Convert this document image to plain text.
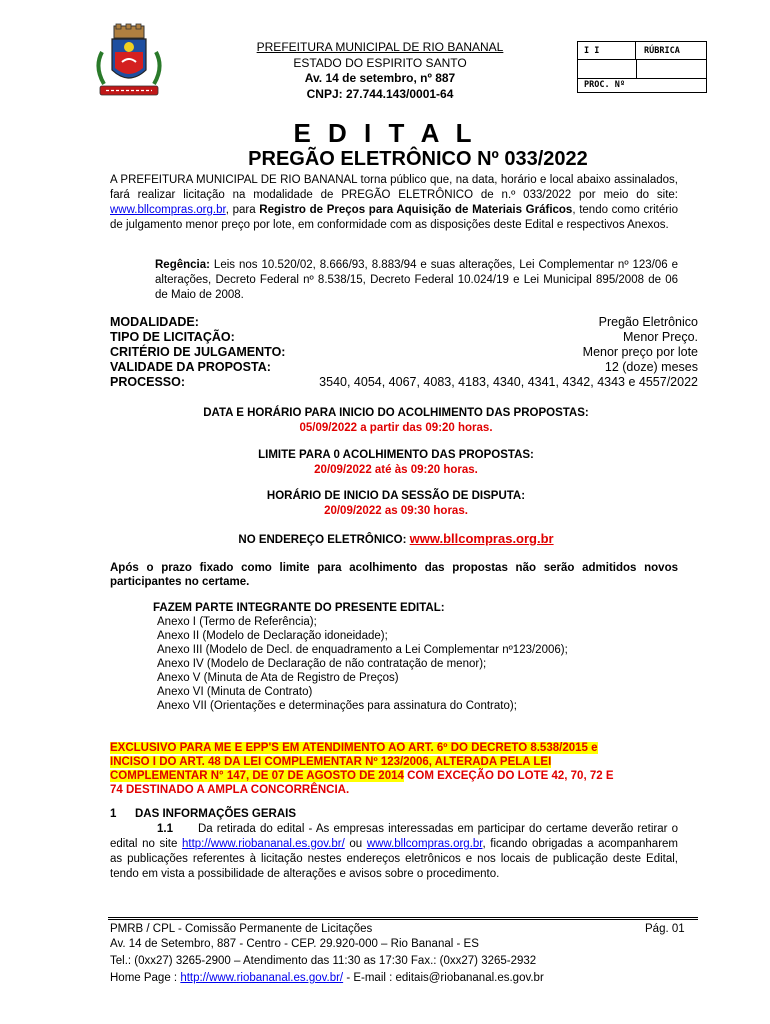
PREFEITURA MUNICIPAL DE RIO BANANAL
ESTADO DO ESPIRITO SANTO
Av. 14 de setembro, nº 887
CNPJ: 27.744.143/0001-64
I I	RÚBRICA
PROC. Nº
E D I T A L
PREGÃO ELETRÔNICO Nº 033/2022
A PREFEITURA MUNICIPAL DE RIO BANANAL torna público que, na data, horário e local abaixo assinalados, fará realizar licitação na modalidade de PREGÃO ELETRÔNICO de n.º 033/2022 por meio do site: www.bllcompras.org.br, para Registro de Preços para Aquisição de Materiais Gráficos, tendo como critério de julgamento menor preço por lote, em conformidade com as disposições deste Edital e respectivos Anexos.
Regência: Leis nos 10.520/02, 8.666/93, 8.883/94 e suas alterações, Lei Complementar nº 123/06 e alterações, Decreto Federal nº 8.538/15, Decreto Federal 10.024/19 e Lei Municipal 895/2008 de 06 de Maio de 2008.
MODALIDADE:	Pregão Eletrônico
TIPO DE LICITAÇÃO:	Menor Preço.
CRITÉRIO DE JULGAMENTO:	Menor preço por lote
VALIDADE DA PROPOSTA:	12 (doze) meses
PROCESSO:	3540, 4054, 4067, 4083, 4183, 4340, 4341, 4342, 4343 e 4557/2022
DATA E HORÁRIO PARA INICIO DO ACOLHIMENTO DAS PROPOSTAS:
05/09/2022 a partir das 09:20 horas.
LIMITE PARA 0 ACOLHIMENTO DAS PROPOSTAS:
20/09/2022 até às 09:20 horas.
HORÁRIO DE INICIO DA SESSÃO DE DISPUTA:
20/09/2022 as 09:30 horas.
NO ENDEREÇO ELETRÔNICO: www.bllcompras.org.br
Após o prazo fixado como limite para acolhimento das propostas não serão admitidos novos participantes no certame.
FAZEM PARTE INTEGRANTE DO PRESENTE EDITAL:
Anexo I (Termo de Referência);
Anexo II (Modelo de Declaração idoneidade);
Anexo III (Modelo de Decl. de enquadramento a Lei Complementar nº123/2006);
Anexo IV (Modelo de Declaração de não contratação de menor);
Anexo V (Minuta de Ata de Registro de Preços)
Anexo VI (Minuta de Contrato)
Anexo VII (Orientações e determinações para assinatura do Contrato);
EXCLUSIVO PARA ME E EPP'S EM ATENDIMENTO AO ART. 6º DO DECRETO 8.538/2015 e
INCISO I DO ART. 48 DA LEI COMPLEMENTAR Nº 123/2006, ALTERADA PELA LEI
COMPLEMENTAR N° 147, DE 07 DE AGOSTO DE 2014 COM EXCEÇÃO DO LOTE 42, 70, 72 E
74 DESTINADO A AMPLA CONCORRÊNCIA.
1 DAS INFORMAÇÕES GERAIS
1.1 Da retirada do edital - As empresas interessadas em participar do certame deverão retirar o edital no site http://www.riobananal.es.gov.br/ ou www.bllcompras.org.br, ficando obrigadas a acompanharem as publicações referentes à licitação nestes endereços eletrônicos e nos locais de publicação deste Edital, tendo em vista a possibilidade de alterações e avisos sobre o procedimento.
PMRB / CPL - Comissão Permanente de Licitações	Pág. 01
Av. 14 de Setembro, 887 - Centro - CEP. 29.920-000 – Rio Bananal - ES
Tel.: (0xx27) 3265-2900 – Atendimento das 11:30 as 17:30 Fax.: (0xx27) 3265-2932
Home Page : http://www.riobananal.es.gov.br/ - E-mail : editais@riobananal.es.gov.br
